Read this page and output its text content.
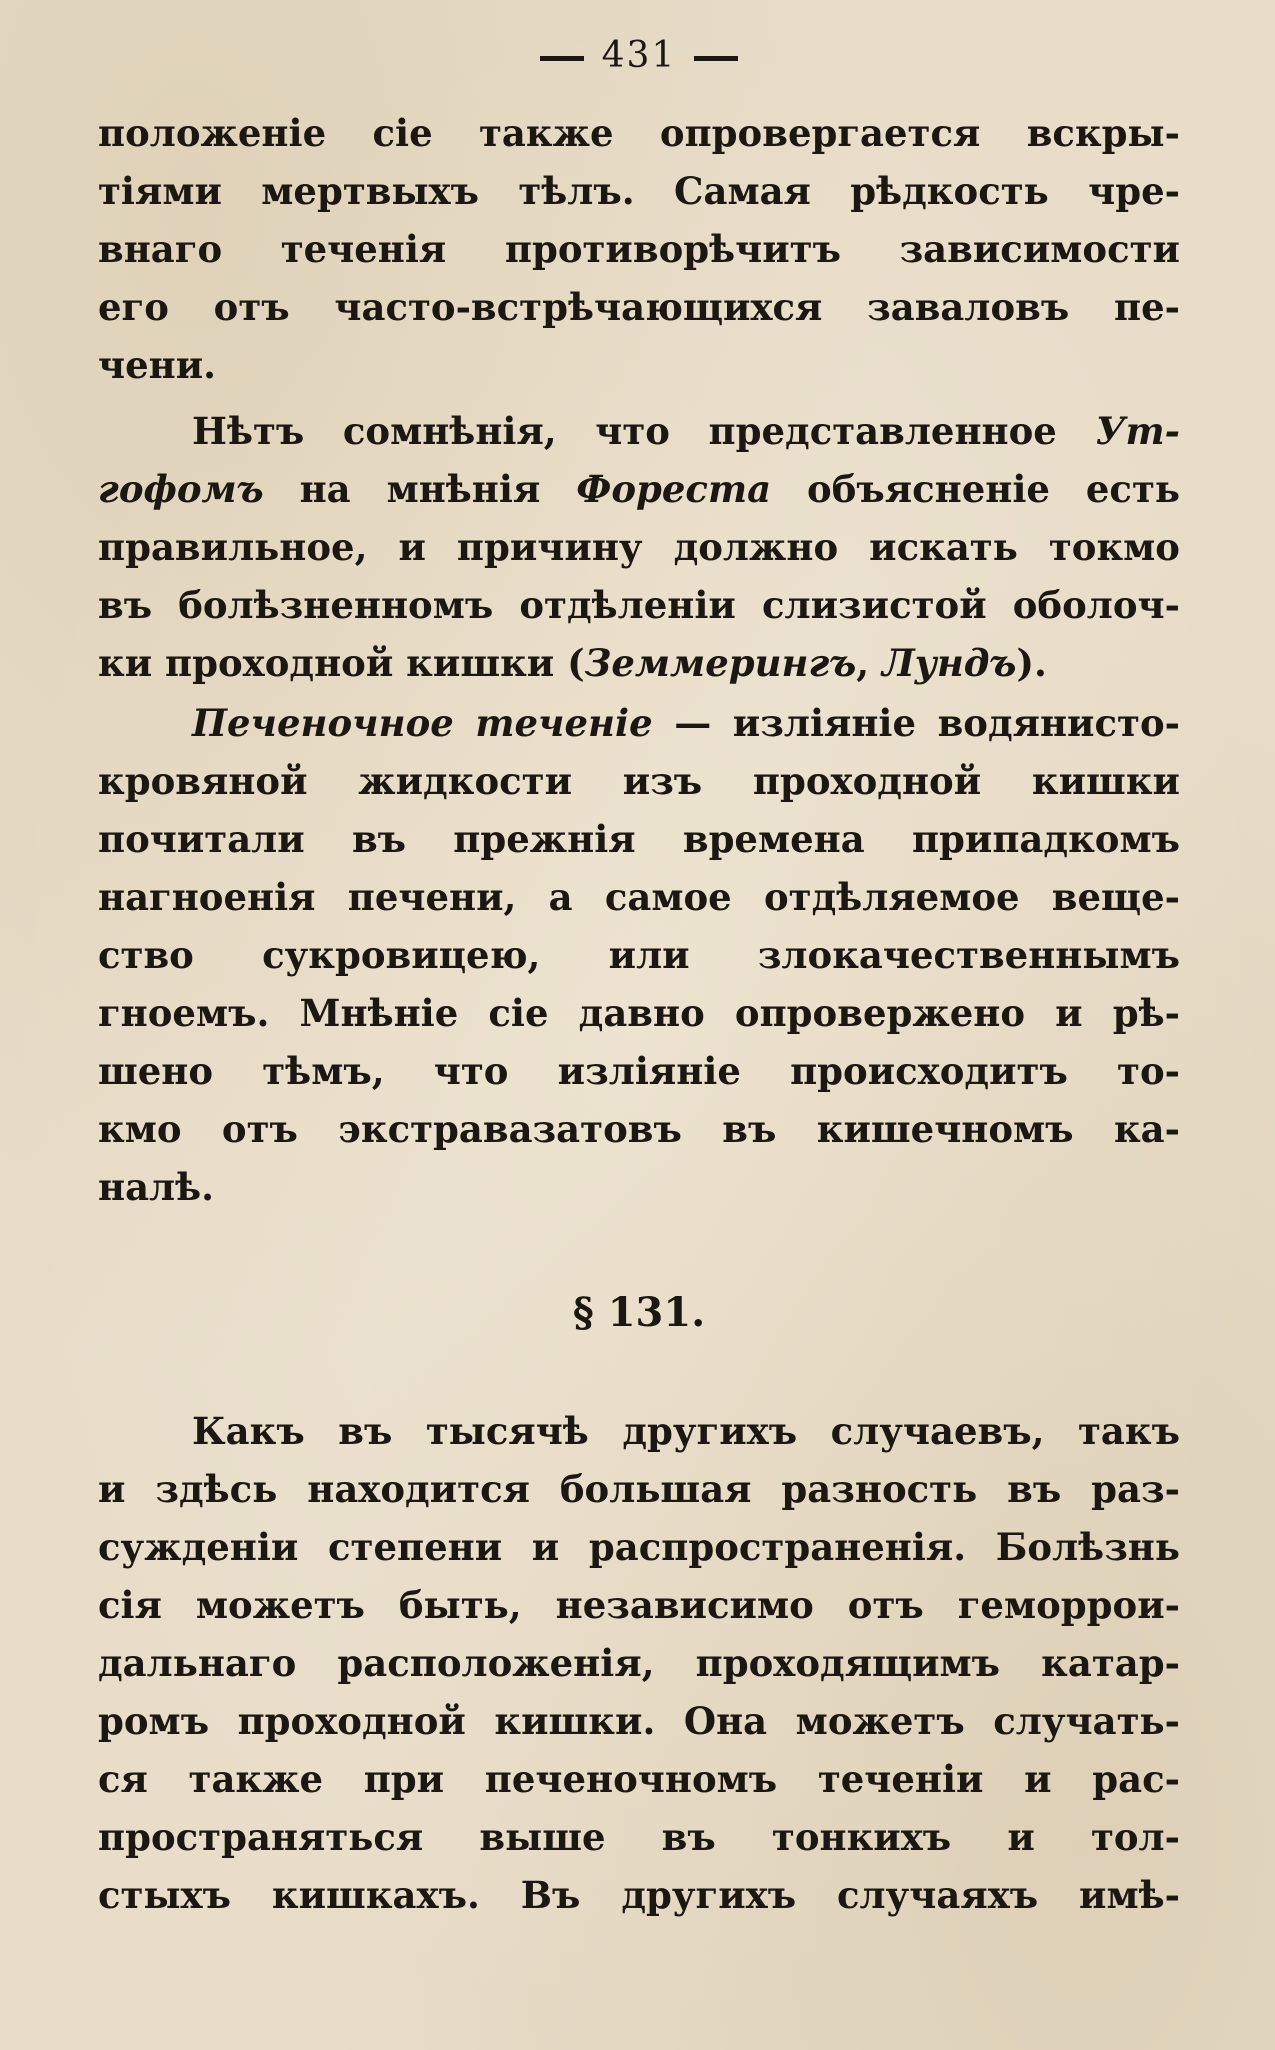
431
положеніе сіе также опровергается вскры-
тіями мертвыхъ тѣлъ. Самая рѣдкость чре-
внаго теченія противорѣчитъ зависимости
его отъ часто-встрѣчающихся заваловъ пе-
чени.
Нѣтъ сомнѣнія, что представленное Ут-
гофомъ на мнѣнія Фореста объясненіе есть
правильное, и причину должно искать токмо
въ болѣзненномъ отдѣленіи слизистой оболоч-
ки проходной кишки (Земмерингъ, Лундъ).
Печеночное теченіе — изліяніе водянисто-
кровяной жидкости изъ проходной кишки
почитали въ прежнія времена припадкомъ
нагноенія печени, а самое отдѣляемое веще-
ство сукровицею, или злокачественнымъ
гноемъ. Мнѣніе сіе давно опровержено и рѣ-
шено тѣмъ, что изліяніе происходитъ то-
кмо отъ экстравазатовъ въ кишечномъ ка-
налѣ.
§ 131.
Какъ въ тысячѣ другихъ случаевъ, такъ
и здѣсь находится большая разность въ раз-
сужденіи степени и распространенія. Болѣзнь
сія можетъ быть, независимо отъ геморрои-
дальнаго расположенія, проходящимъ катар-
ромъ проходной кишки. Она можетъ случать-
ся также при печеночномъ теченіи и рас-
пространяться выше въ тонкихъ и тол-
стыхъ кишкахъ. Въ другихъ случаяхъ имѣ-
